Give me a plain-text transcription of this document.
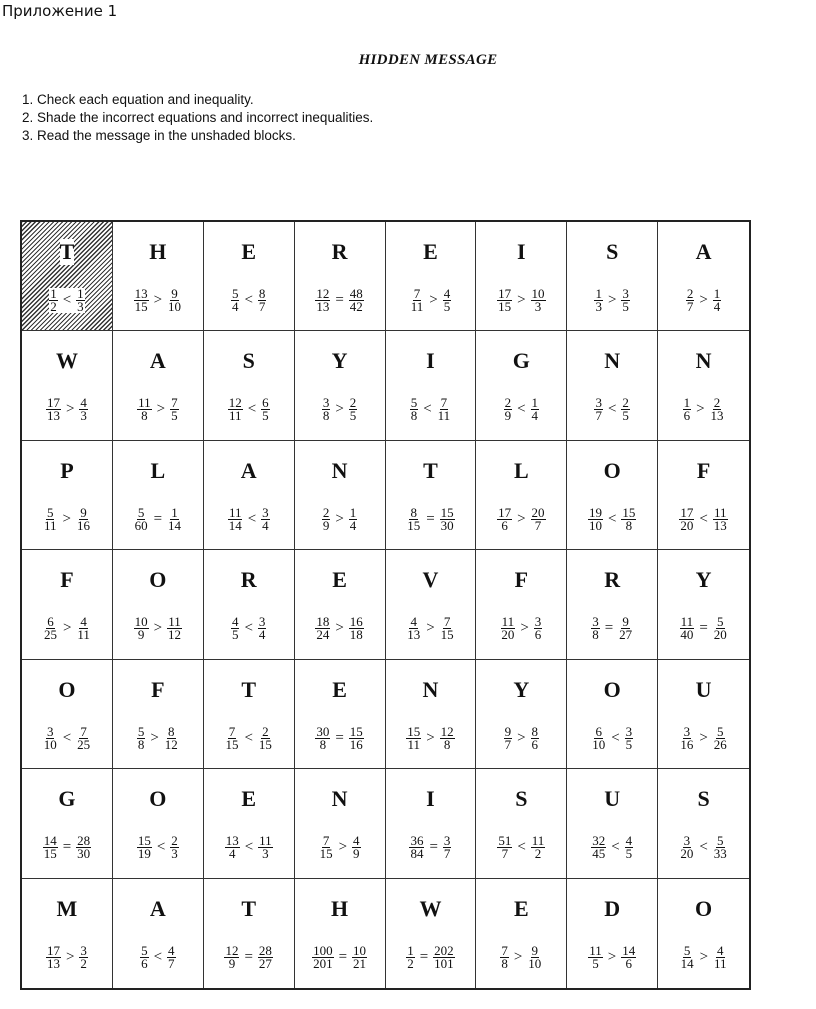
Приложение 1
HIDDEN MESSAGE
1. Check each equation and inequality.
2. Shade the incorrect equations and incorrect inequalities.
3. Read the message in the unshaded blocks.
T
$\frac{1}{2} < \frac{1}{3}$
H
$\frac{13}{15} > \frac{9}{10}$
E
$\frac{5}{4} < \frac{8}{7}$
R
$\frac{12}{13} = \frac{48}{42}$
E
$\frac{7}{11} > \frac{4}{5}$
I
$\frac{17}{15} > \frac{10}{3}$
S
$\frac{1}{3} > \frac{3}{5}$
A
$\frac{2}{7} > \frac{1}{4}$
W
$\frac{17}{13} > \frac{4}{3}$
A
$\frac{11}{8} > \frac{7}{5}$
S
$\frac{12}{11} < \frac{6}{5}$
Y
$\frac{3}{8} > \frac{2}{5}$
I
$\frac{5}{8} < \frac{7}{11}$
G
$\frac{2}{9} < \frac{1}{4}$
N
$\frac{3}{7} < \frac{2}{5}$
N
$\frac{1}{6} > \frac{2}{13}$
P
$\frac{5}{11} > \frac{9}{16}$
L
$\frac{5}{60} = \frac{1}{14}$
A
$\frac{11}{14} < \frac{3}{4}$
N
$\frac{2}{9} > \frac{1}{4}$
T
$\frac{8}{15} = \frac{15}{30}$
L
$\frac{17}{6} > \frac{20}{7}$
O
$\frac{19}{10} < \frac{15}{8}$
F
$\frac{17}{20} < \frac{11}{13}$
F
$\frac{6}{25} > \frac{4}{11}$
O
$\frac{10}{9} > \frac{11}{12}$
R
$\frac{4}{5} < \frac{3}{4}$
E
$\frac{18}{24} > \frac{16}{18}$
V
$\frac{4}{13} > \frac{7}{15}$
F
$\frac{11}{20} > \frac{3}{6}$
R
$\frac{3}{8} = \frac{9}{27}$
Y
$\frac{11}{40} = \frac{5}{20}$
O
$\frac{3}{10} < \frac{7}{25}$
F
$\frac{5}{8} > \frac{8}{12}$
T
$\frac{7}{15} < \frac{2}{15}$
E
$\frac{30}{8} = \frac{15}{16}$
N
$\frac{15}{11} > \frac{12}{8}$
Y
$\frac{9}{7} > \frac{8}{6}$
O
$\frac{6}{10} < \frac{3}{5}$
U
$\frac{3}{16} > \frac{5}{26}$
G
$\frac{14}{15} = \frac{28}{30}$
O
$\frac{15}{19} < \frac{2}{3}$
E
$\frac{13}{4} < \frac{11}{3}$
N
$\frac{7}{15} > \frac{4}{9}$
I
$\frac{36}{84} = \frac{3}{7}$
S
$\frac{51}{7} < \frac{11}{2}$
U
$\frac{32}{45} < \frac{4}{5}$
S
$\frac{3}{20} < \frac{5}{33}$
M
$\frac{17}{13} > \frac{3}{2}$
A
$\frac{5}{6} < \frac{4}{7}$
T
$\frac{12}{9} = \frac{28}{27}$
H
$\frac{100}{201} = \frac{10}{21}$
W
$\frac{1}{2} = \frac{202}{101}$
E
$\frac{7}{8} > \frac{9}{10}$
D
$\frac{11}{5} > \frac{14}{6}$
O
$\frac{5}{14} > \frac{4}{11}$
